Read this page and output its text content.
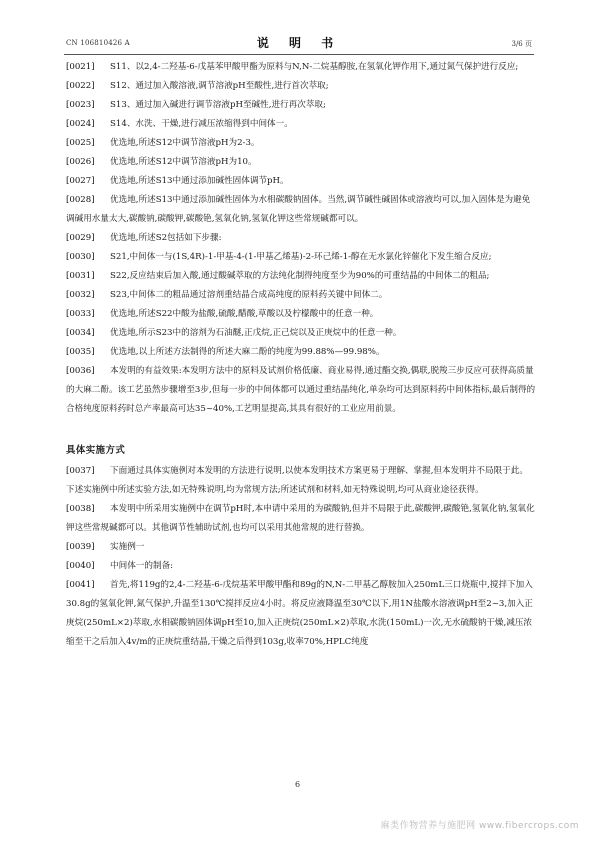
CN 106810426 A	说 明 书	3/6 页
[0021] S11、以2,4-二羟基-6-戊基苯甲酸甲酯为原料与N,N-二烷基醇胺,在氢氧化钾作用下,通过氮气保护进行反应;
[0022] S12、通过加入酸溶液,调节溶液pH至酸性,进行首次萃取;
[0023] S13、通过加入碱进行调节溶液pH至碱性,进行再次萃取;
[0024] S14、水洗、干燥,进行减压浓缩得到中间体一。
[0025] 优选地,所述S12中调节溶液pH为2-3。
[0026] 优选地,所述S12中调节溶液pH为10。
[0027] 优选地,所述S13中通过添加碱性固体调节pH。
[0028] 优选地,所述S13中通过添加碱性固体为水相碳酸钠固体。当然,调节碱性碱固体或溶液均可以,加入固体是为避免调碱用水量太大,碳酸钠,碳酸钾,碳酸铯,氢氧化钠,氢氧化钾这些常规碱都可以。
[0029] 优选地,所述S2包括如下步骤:
[0030] S21,中间体一与(1S,4R)-1-甲基-4-(1-甲基乙烯基)-2-环己烯-1-醇在无水氯化锌催化下发生缩合反应;
[0031] S22,反应结束后加入酸,通过酸碱萃取的方法纯化制得纯度至少为90%的可重结晶的中间体二的粗品;
[0032] S23,中间体二的粗品通过溶剂重结晶合成高纯度的原料药关键中间体二。
[0033] 优选地,所述S22中酸为盐酸,硫酸,醋酸,草酸以及柠檬酸中的任意一种。
[0034] 优选地,所示S23中的溶剂为石油醚,正戊烷,正己烷以及正庚烷中的任意一种。
[0035] 优选地,以上所述方法制得的所述大麻二酚的纯度为99.88%—99.98%。
[0036] 本发明的有益效果:本发明方法中的原料及试剂价格低廉、商业易得,通过酯交换,偶联,脱羧三步反应可获得高质量的大麻二酚。该工艺虽然步骤增至3步,但每一步的中间体都可以通过重结晶纯化,单杂均可达到原料药中间体指标,最后制得的合格纯度原料药时总产率最高可达35~40%,工艺明显提高,其具有很好的工业应用前景。
具体实施方式
[0037] 下面通过具体实施例对本发明的方法进行说明,以使本发明技术方案更易于理解、掌握,但本发明并不局限于此。下述实施例中所述实验方法,如无特殊说明,均为常规方法;所述试剂和材料,如无特殊说明,均可从商业途径获得。
[0038] 本发明中所采用实施例中在调节pH时,本申请中采用的为碳酸钠,但并不局限于此,碳酸钾,碳酸铯,氢氧化钠,氢氧化钾这些常规碱都可以。其他调节性辅助试剂,也均可以采用其他常规的进行替换。
[0039] 实施例一
[0040] 中间体一的制备:
[0041] 首先,将119g的2,4-二羟基-6-戊烷基苯甲酸甲酯和89g的N,N-二甲基乙醇胺加入250mL三口烧瓶中,搅拌下加入30.8g的氢氧化钾,氮气保护,升温至130℃搅拌反应4小时。将反应液降温至30℃以下,用1N盐酸水溶液调pH至2~3,加入正庚烷(250mL×2)萃取,水相碳酸钠固体调pH至10,加入正庚烷(250mL×2)萃取,水洗(150mL)一次,无水硫酸钠干燥,减压浓缩至干之后加入4v/m的正庚烷重结晶,干燥之后得到103g,收率70%,HPLC纯度
6
麻类作物营养与施肥网 www.fibercrops.com
